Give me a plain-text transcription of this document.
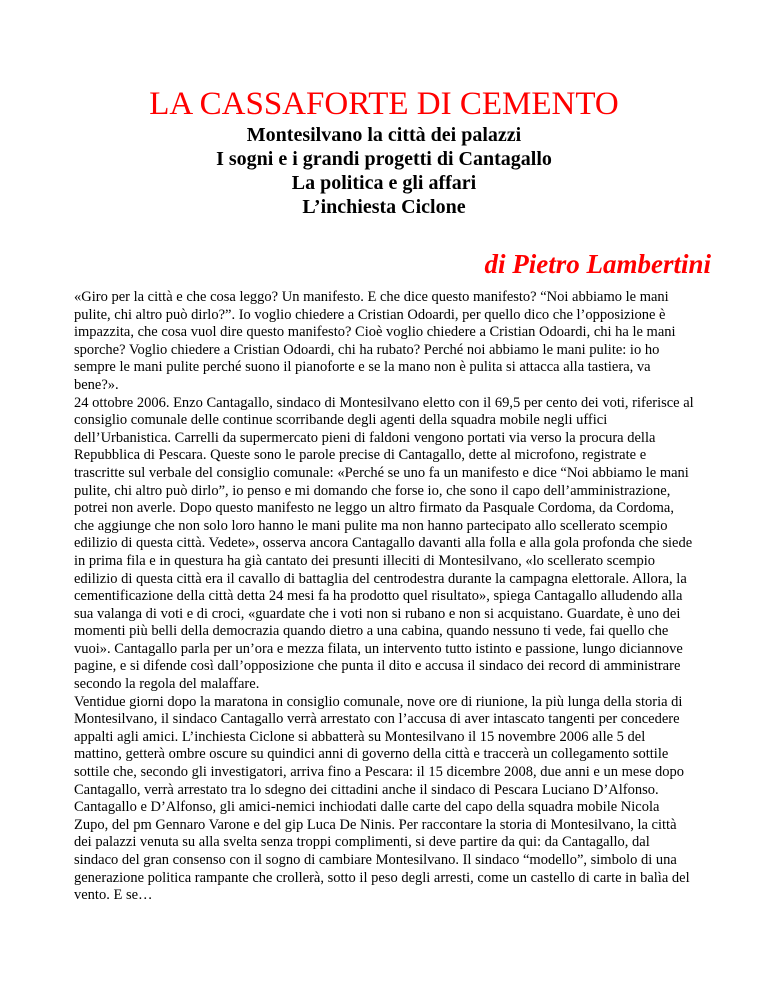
LA CASSAFORTE DI CEMENTO
Montesilvano la città dei palazzi
I sogni e i grandi progetti di Cantagallo
La politica e gli affari
L’inchiesta Ciclone
di Pietro Lambertini

«Giro per la città e che cosa leggo? Un manifesto. E che dice questo manifesto? “Noi abbiamo le mani pulite, chi altro può dirlo?”. Io voglio chiedere a Cristian Odoardi, per quello dico che l’opposizione è impazzita, che cosa vuol dire questo manifesto? Cioè voglio chiedere a Cristian Odoardi, chi ha le mani sporche? Voglio chiedere a Cristian Odoardi, chi ha rubato? Perché noi abbiamo le mani pulite: io ho sempre le mani pulite perché suono il pianoforte e se la mano non è pulita si attacca alla tastiera, va bene?».

24 ottobre 2006. Enzo Cantagallo, sindaco di Montesilvano eletto con il 69,5 per cento dei voti, riferisce al consiglio comunale delle continue scorribande degli agenti della squadra mobile negli uffici dell’Urbanistica. Carrelli da supermercato pieni di faldoni vengono portati via verso la procura della Repubblica di Pescara. Queste sono le parole precise di Cantagallo, dette al microfono, registrate e trascritte sul verbale del consiglio comunale: «Perché se uno fa un manifesto e dice “Noi abbiamo le mani pulite, chi altro può dirlo”, io penso e mi domando che forse io, che sono il capo dell’amministrazione, potrei non averle. Dopo questo manifesto ne leggo un altro firmato da Pasquale Cordoma, da Cordoma, che aggiunge che non solo loro hanno le mani pulite ma non hanno partecipato allo scellerato scempio edilizio di questa città. Vedete», osserva ancora Cantagallo davanti alla folla e alla gola profonda che siede in prima fila e in questura ha già cantato dei presunti illeciti di Montesilvano, «lo scellerato scempio edilizio di questa città era il cavallo di battaglia del centrodestra durante la campagna elettorale. Allora, la cementificazione della città detta 24 mesi fa ha prodotto quel risultato», spiega Cantagallo alludendo alla sua valanga di voti e di croci, «guardate che i voti non si rubano e non si acquistano. Guardate, è uno dei momenti più belli della democrazia quando dietro a una cabina, quando nessuno ti vede, fai quello che vuoi». Cantagallo parla per un’ora e mezza filata, un intervento tutto istinto e passione, lungo diciannove pagine, e si difende così dall’opposizione che punta il dito e accusa il sindaco dei record di amministrare secondo la regola del malaffare.

Ventidue giorni dopo la maratona in consiglio comunale, nove ore di riunione, la più lunga della storia di Montesilvano, il sindaco Cantagallo verrà arrestato con l’accusa di aver intascato tangenti per concedere appalti agli amici. L’inchiesta Ciclone si abbatterà su Montesilvano il 15 novembre 2006 alle 5 del mattino, getterà ombre oscure su quindici anni di governo della città e traccerà un collegamento sottile sottile che, secondo gli investigatori, arriva fino a Pescara: il 15 dicembre 2008, due anni e un mese dopo Cantagallo, verrà arrestato tra lo sdegno dei cittadini anche il sindaco di Pescara Luciano D’Alfonso. Cantagallo e D’Alfonso, gli amici-nemici inchiodati dalle carte del capo della squadra mobile Nicola Zupo, del pm Gennaro Varone e del gip Luca De Ninis. Per raccontare la storia di Montesilvano, la città dei palazzi venuta su alla svelta senza troppi complimenti, si deve partire da qui: da Cantagallo, dal sindaco del gran consenso con il sogno di cambiare Montesilvano. Il sindaco “modello”, simbolo di una generazione politica rampante che crollerà, sotto il peso degli arresti, come un castello di carte in balìa del vento. E se…
